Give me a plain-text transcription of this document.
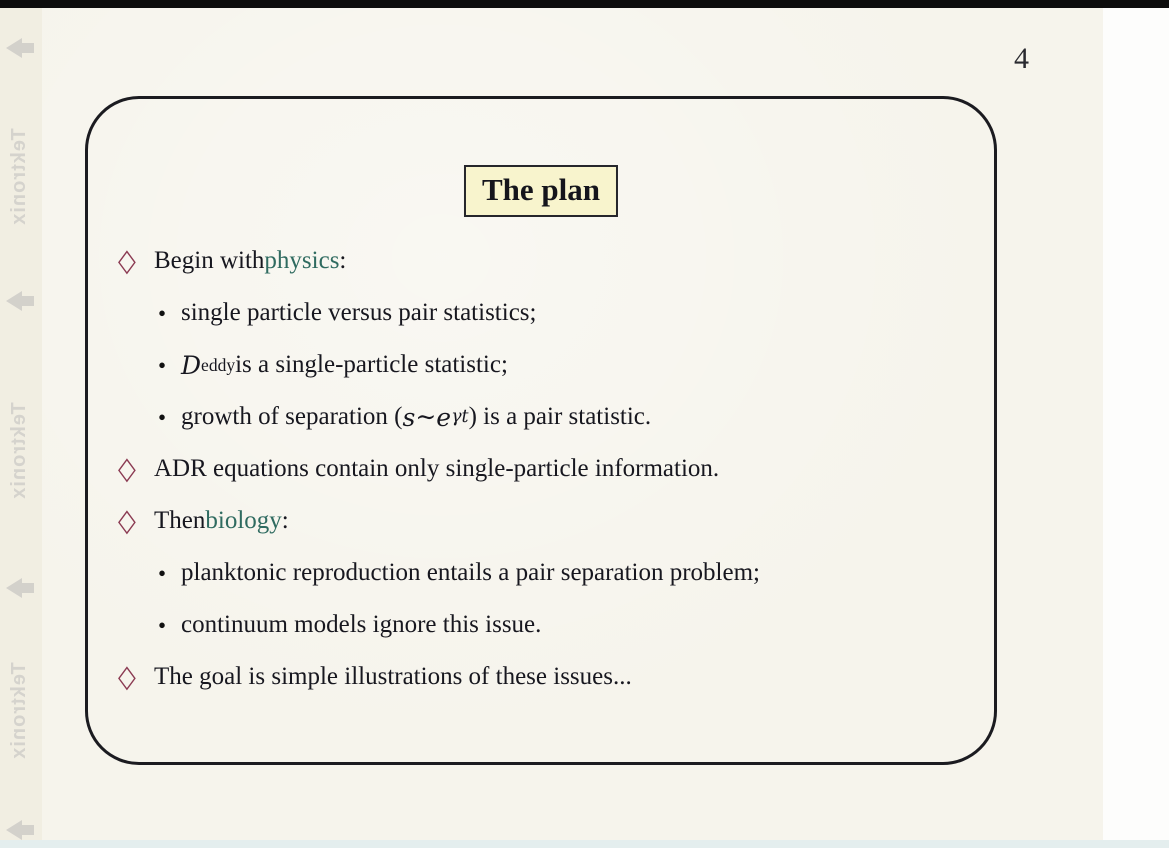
Tektronix
Tektronix
Tektronix
4
The plan
◇ Begin with physics :
• single particle versus pair statistics;
• D eddy is a single-particle statistic;
• growth of separation ( s ∼ e γt ) is a pair statistic.
◇ ADR equations contain only single-particle information.
◇ Then biology :
• planktonic reproduction entails a pair separation problem;
• continuum models ignore this issue.
◇ The goal is simple illustrations of these issues...
